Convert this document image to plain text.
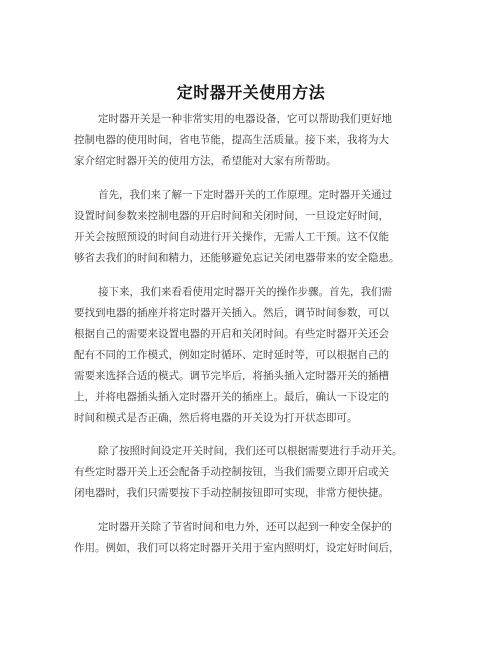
定时器开关使用方法
定时器开关是一种非常实用的电器设备，它可以帮助我们更好地
控制电器的使用时间，省电节能，提高生活质量。接下来，我将为大
家介绍定时器开关的使用方法，希望能对大家有所帮助。
首先，我们来了解一下定时器开关的工作原理。定时器开关通过
设置时间参数来控制电器的开启时间和关闭时间，一旦设定好时间，
开关会按照预设的时间自动进行开关操作，无需人工干预。这不仅能
够省去我们的时间和精力，还能够避免忘记关闭电器带来的安全隐患。
接下来，我们来看看使用定时器开关的操作步骤。首先，我们需
要找到电器的插座并将定时器开关插入。然后，调节时间参数，可以
根据自己的需要来设置电器的开启和关闭时间。有些定时器开关还会
配有不同的工作模式，例如定时循环、定时延时等，可以根据自己的
需要来选择合适的模式。调节完毕后，将插头插入定时器开关的插槽
上，并将电器插头插入定时器开关的插座上。最后，确认一下设定的
时间和模式是否正确，然后将电器的开关设为打开状态即可。
除了按照时间设定开关时间，我们还可以根据需要进行手动开关。
有些定时器开关上还会配备手动控制按钮，当我们需要立即开启或关
闭电器时，我们只需要按下手动控制按钮即可实现，非常方便快捷。
定时器开关除了节省时间和电力外，还可以起到一种安全保护的
作用。例如，我们可以将定时器开关用于室内照明灯，设定好时间后，
